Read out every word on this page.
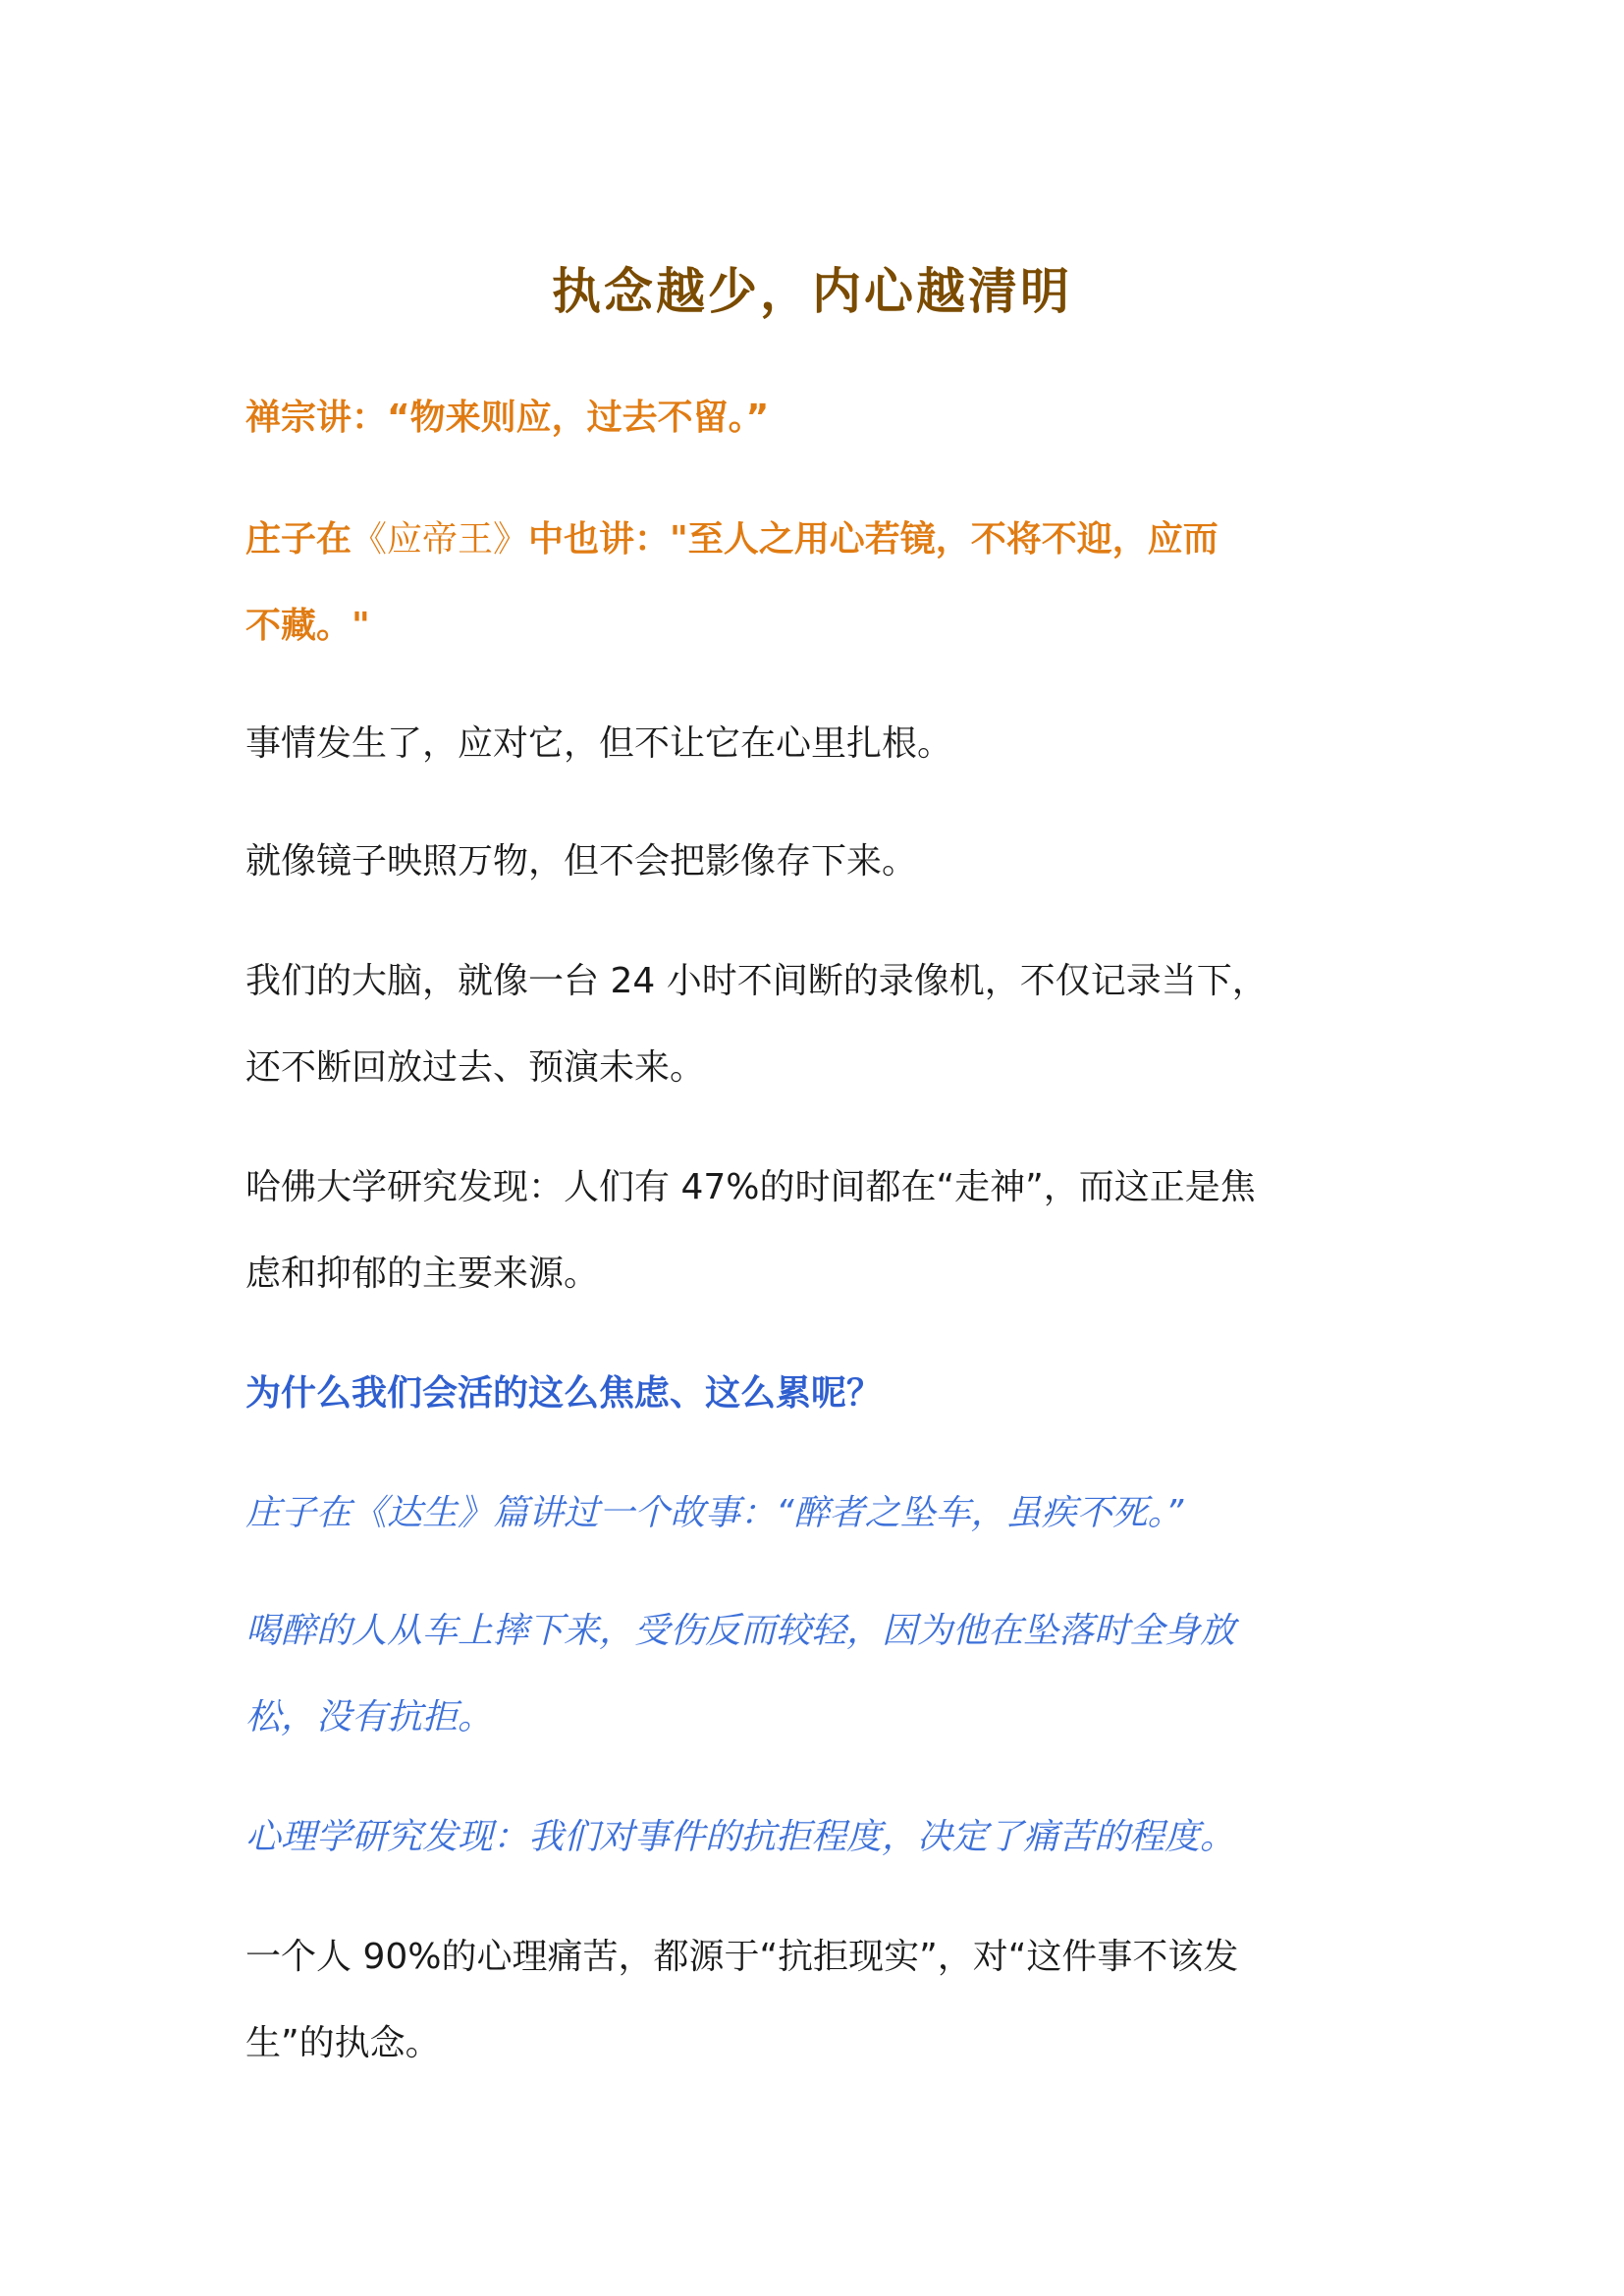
执念越少，内心越清明

禅宗讲：“物来则应，过去不留。”

庄子在《应帝王》中也讲："至人之用心若镜，不将不迎，应而
不藏。"

事情发生了，应对它，但不让它在心里扎根。

就像镜子映照万物，但不会把影像存下来。

我们的大脑，就像一台 24 小时不间断的录像机，不仅记录当下，
还不断回放过去、预演未来。

哈佛大学研究发现：人们有 47%的时间都在“走神”，而这正是焦
虑和抑郁的主要来源。

为什么我们会活的这么焦虑、这么累呢？

庄子在《达生》篇讲过一个故事：“醉者之坠车，虽疾不死。”

喝醉的人从车上摔下来，受伤反而较轻，因为他在坠落时全身放
松，没有抗拒。

心理学研究发现：我们对事件的抗拒程度，决定了痛苦的程度。

一个人 90%的心理痛苦，都源于“抗拒现实”，对“这件事不该发
生”的执念。
